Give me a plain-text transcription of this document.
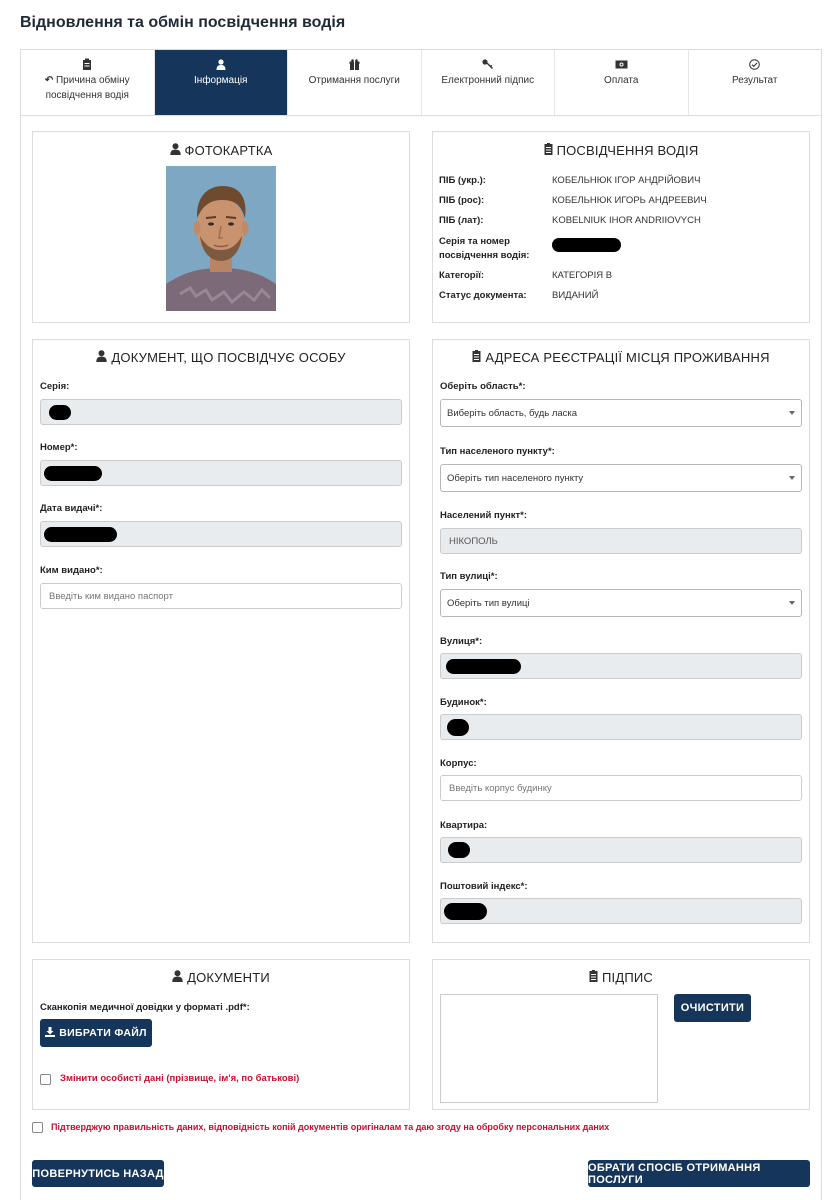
Відновлення та обмін посвідчення водія
↶ Причина обміну посвідчення водія
Інформація	Отримання послуги	Електронний підпис	Оплата	Результат
ФОТОКАРТКА	ПОСВІДЧЕННЯ ВОДІЯ
ПІБ (укр.):	КОБЕЛЬНЮК ІГОР АНДРІЙОВИЧ
ПІБ (рос):	КОБЕЛЬНЮК ИГОРЬ АНДРЕЕВИЧ
ПІБ (лат):	KOBELNIUK IHOR ANDRIIOVYCH
Серія та номер посвідчення водія:
Категорії:	КАТЕГОРІЯ B
Статус документа:	ВИДАНИЙ
ДОКУМЕНТ, ЩО ПОСВІДЧУЄ ОСОБУ
Серія:
Номер*:
Дата видачі*:
Ким видано*:
Введіть ким видано паспорт
АДРЕСА РЕЄСТРАЦІЇ МІСЦЯ ПРОЖИВАННЯ
Оберіть область*:
Виберіть область, будь ласка
Тип населеного пункту*:
Оберіть тип населеного пункту
Населений пункт*:
НІКОПОЛЬ
Тип вулиці*:
Оберіть тип вулиці
Вулиця*:
Будинок*:
Корпус:
Введіть корпус будинку
Квартира:
Поштовий індекс*:
ДОКУМЕНТИ
Сканкопія медичної довідки у форматі .pdf*:
ВИБРАТИ ФАЙЛ
Змінити особисті дані (прізвище, ім'я, по батькові)
ПІДПИС
ОЧИСТИТИ
Підтверджую правильність даних, відповідність копій документів оригіналам та даю згоду на обробку персональних даних
ПОВЕРНУТИСЬ НАЗАД	ОБРАТИ СПОСІБ ОТРИМАННЯ ПОСЛУГИ
